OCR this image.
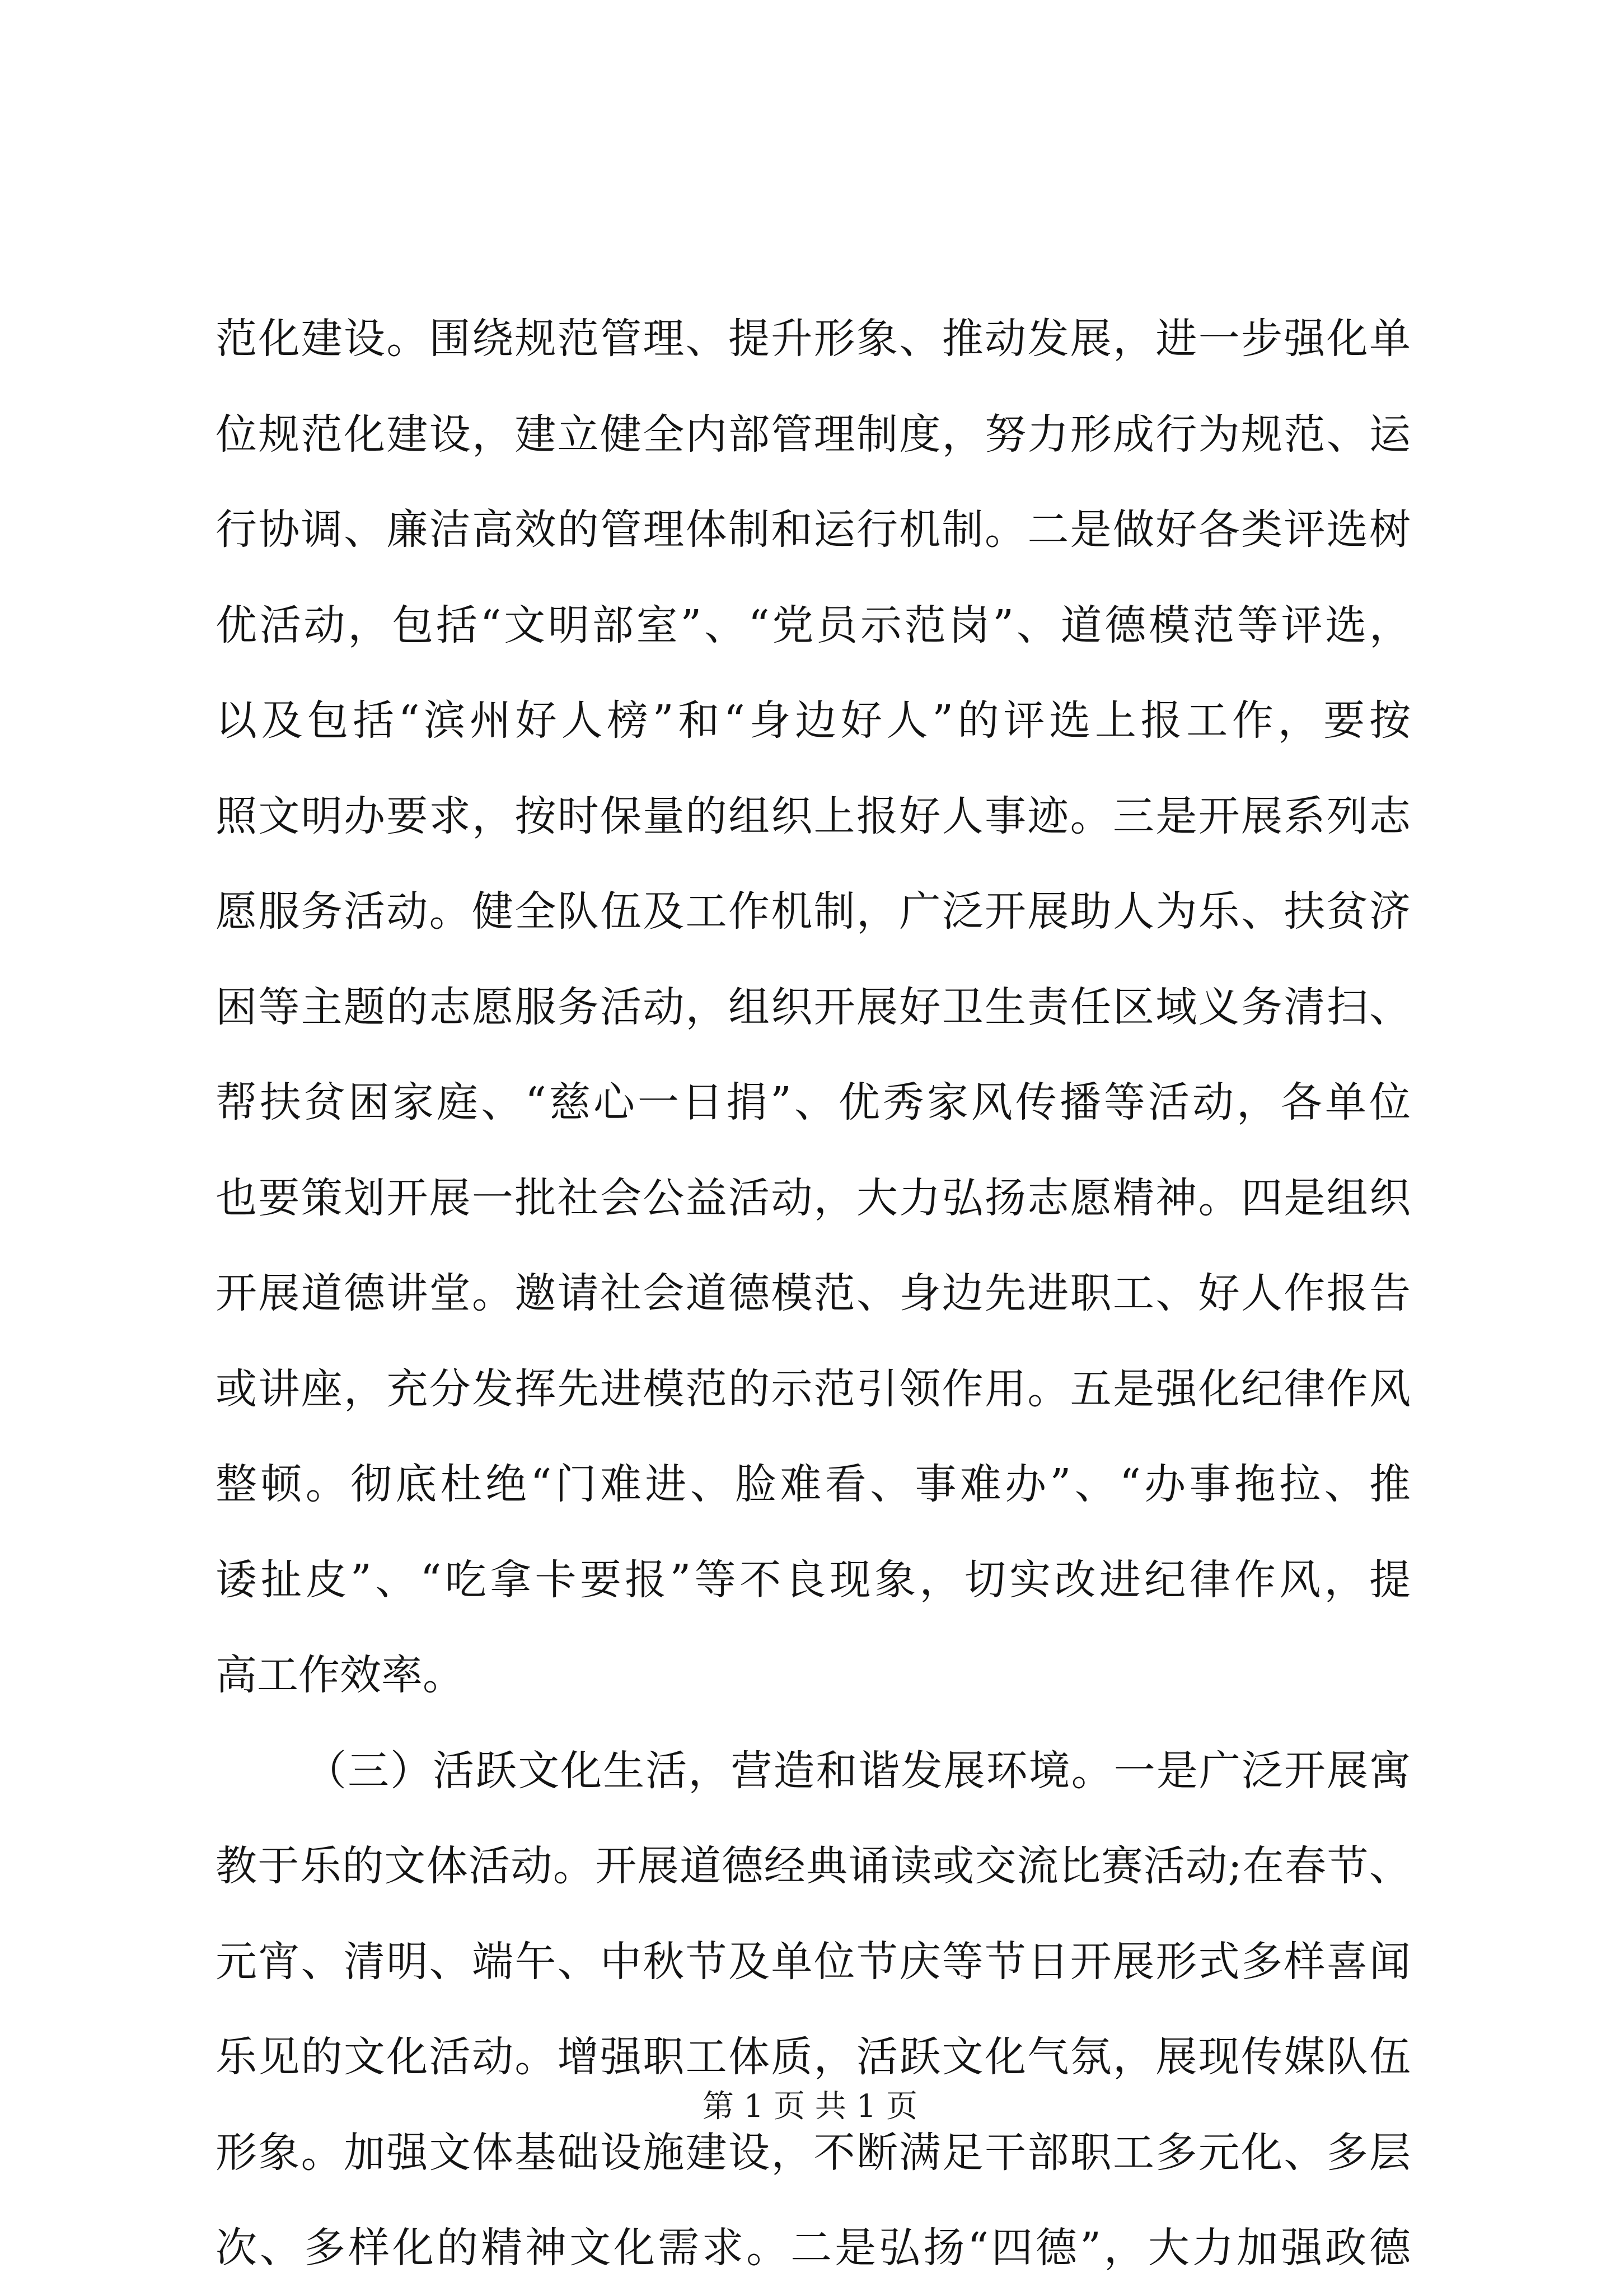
范化建设。围绕规范管理、提升形象、推动发展，进一步强化单
位规范化建设，建立健全内部管理制度，努力形成行为规范、运
行协调、廉洁高效的管理体制和运行机制。二是做好各类评选树
优活动，包括“文明部室”、“党员示范岗”、道德模范等评选，
以及包括“滨州好人榜”和“身边好人”的评选上报工作，要按
照文明办要求，按时保量的组织上报好人事迹。三是开展系列志
愿服务活动。健全队伍及工作机制，广泛开展助人为乐、扶贫济
困等主题的志愿服务活动，组织开展好卫生责任区域义务清扫、
帮扶贫困家庭、“慈心一日捐”、优秀家风传播等活动，各单位
也要策划开展一批社会公益活动，大力弘扬志愿精神。四是组织
开展道德讲堂。邀请社会道德模范、身边先进职工、好人作报告
或讲座，充分发挥先进模范的示范引领作用。五是强化纪律作风
整顿。彻底杜绝“门难进、脸难看、事难办”、“办事拖拉、推
诿扯皮”、“吃拿卡要报”等不良现象，切实改进纪律作风，提
高工作效率。
（三）活跃文化生活，营造和谐发展环境。一是广泛开展寓
教于乐的文体活动。开展道德经典诵读或交流比赛活动;在春节、
元宵、清明、端午、中秋节及单位节庆等节日开展形式多样喜闻
乐见的文化活动。增强职工体质，活跃文化气氛，展现传媒队伍
形象。加强文体基础设施建设，不断满足干部职工多元化、多层
次、多样化的精神文化需求。二是弘扬“四德”，大力加强政德
第 1 页 共 1 页
